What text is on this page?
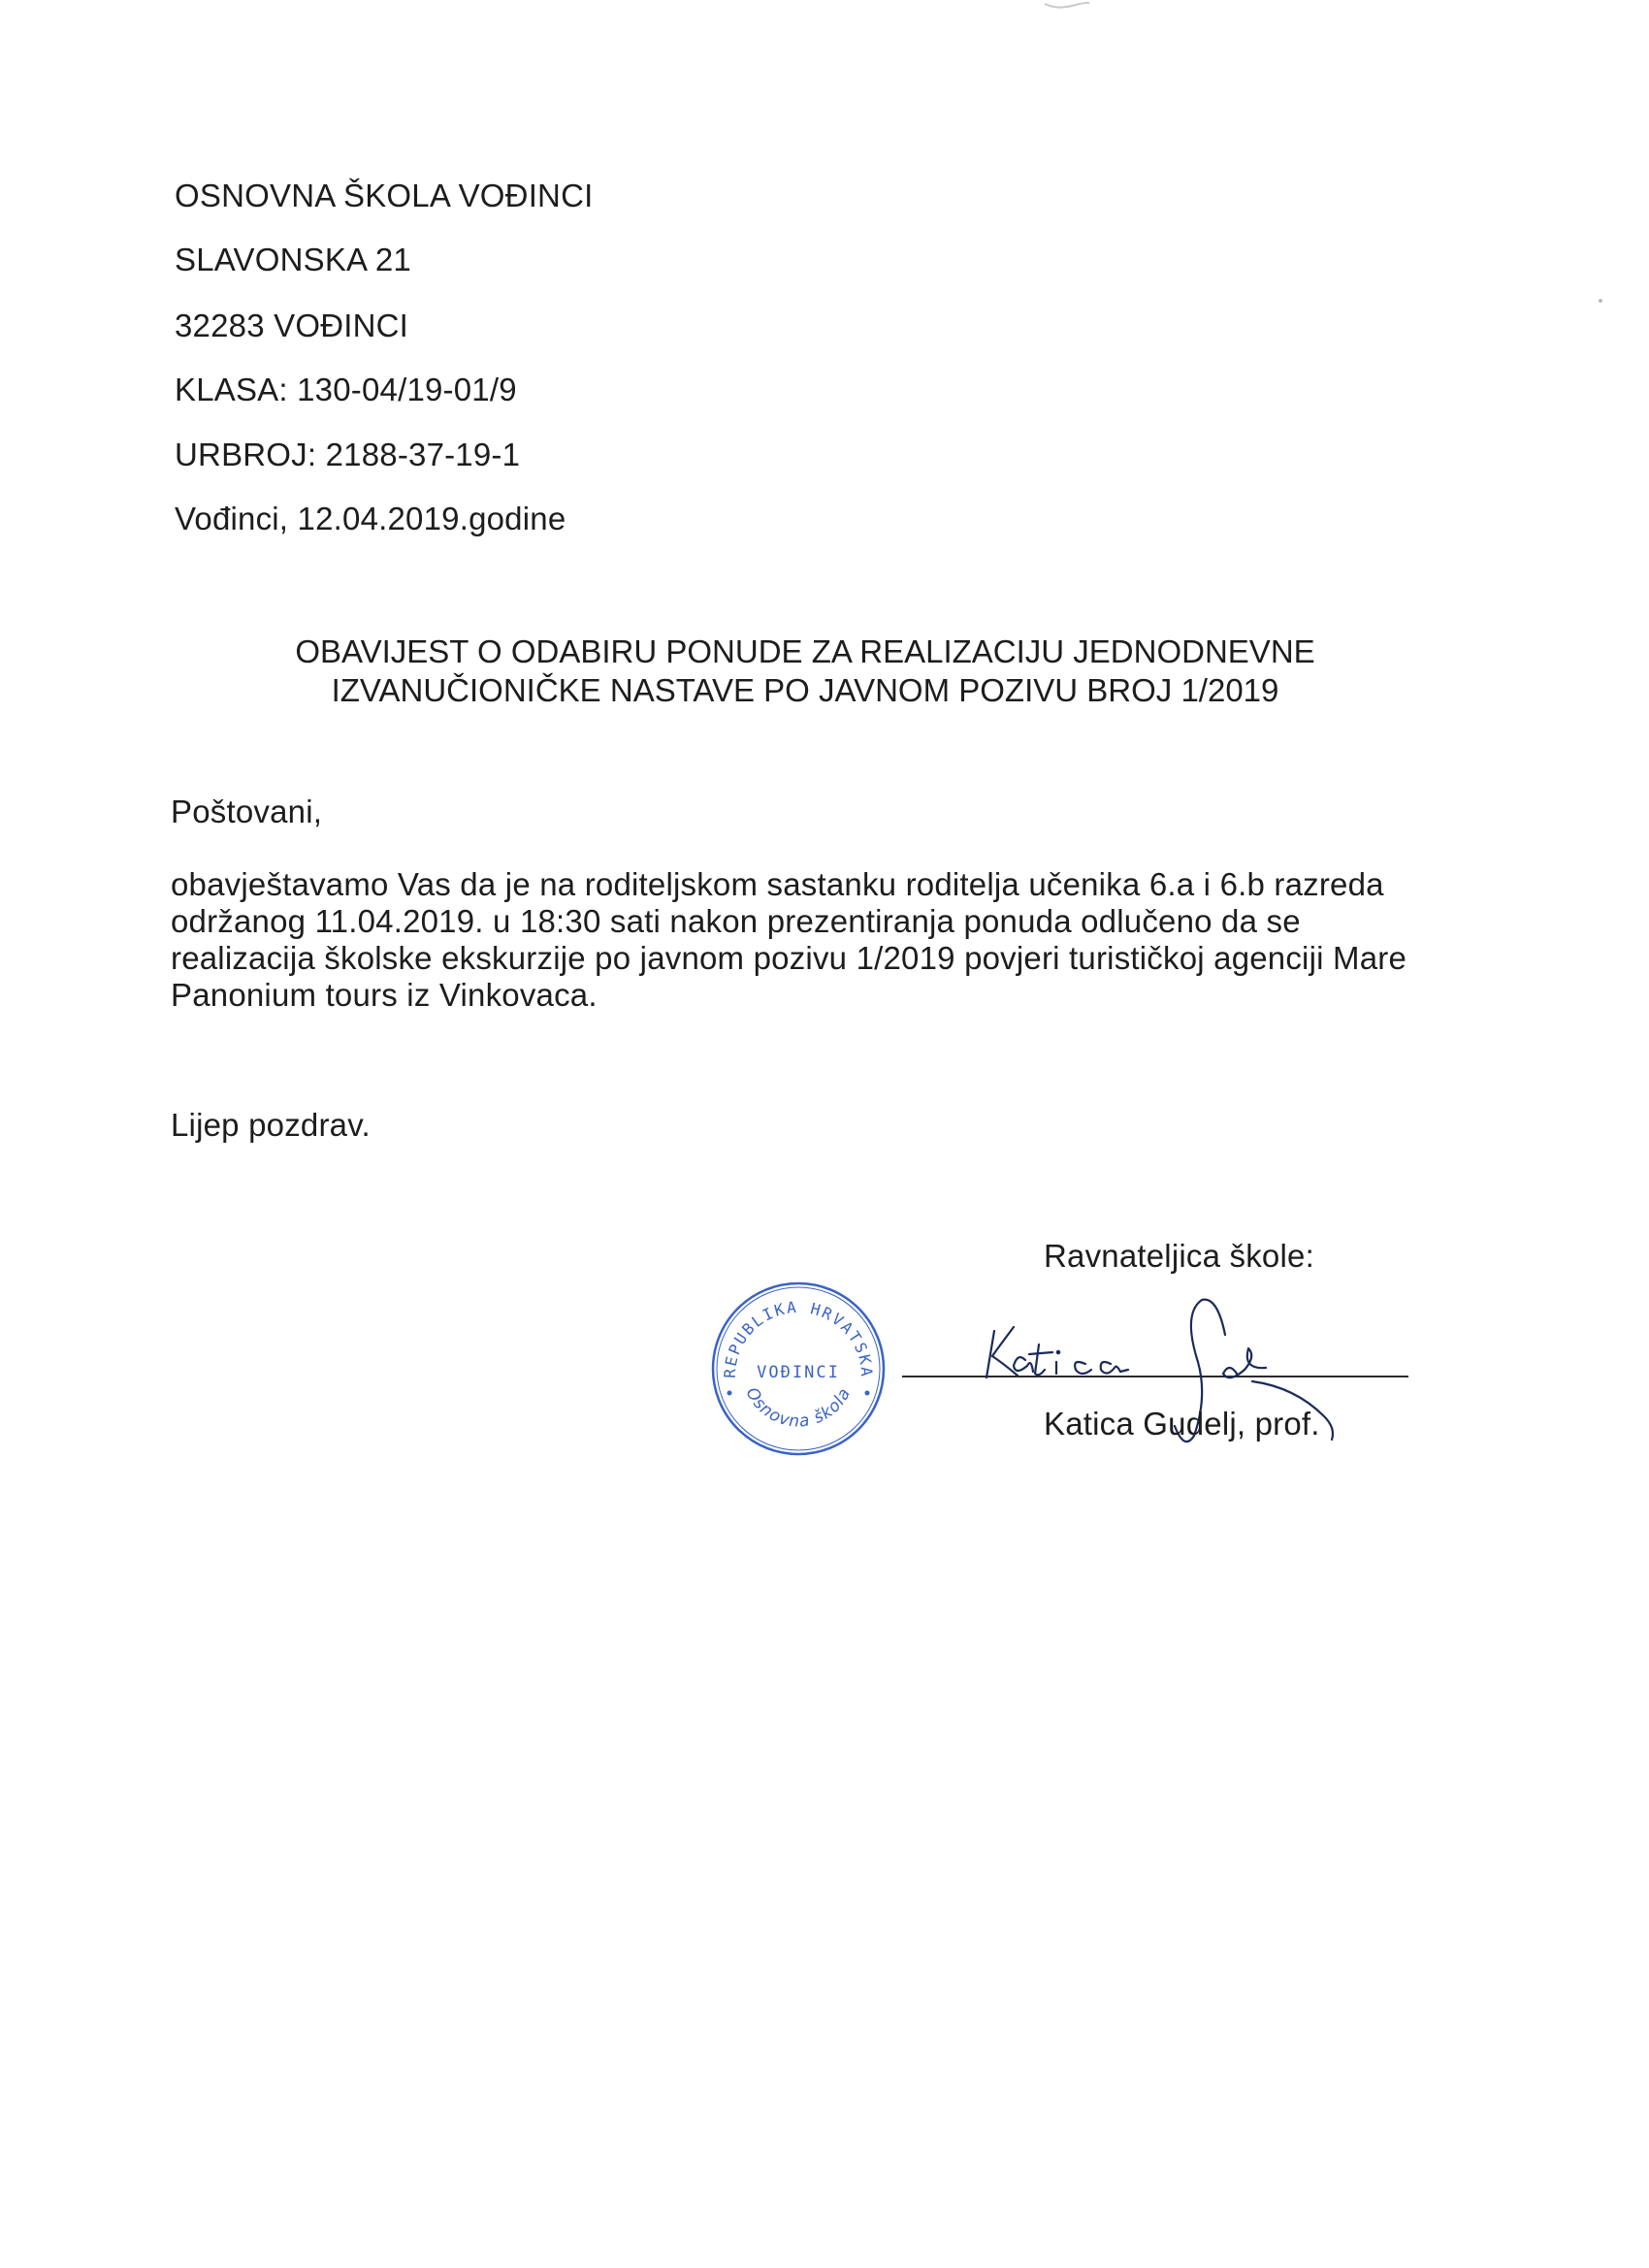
OSNOVNA ŠKOLA VOĐINCI
SLAVONSKA 21
32283 VOĐINCI
KLASA: 130-04/19-01/9
URBROJ: 2188-37-19-1
Vođinci, 12.04.2019.godine
OBAVIJEST O ODABIRU PONUDE ZA REALIZACIJU JEDNODNEVNE
IZVANUČIONIČKE NASTAVE PO JAVNOM POZIVU BROJ 1/2019
Poštovani,
obavještavamo Vas da je na roditeljskom sastanku roditelja učenika 6.a i 6.b razreda
održanog 11.04.2019. u 18:30 sati nakon prezentiranja ponuda odlučeno da se
realizacija školske ekskurzije po javnom pozivu 1/2019 povjeri turističkoj agenciji Mare
Panonium tours iz Vinkovaca.
Lijep pozdrav.
Ravnateljica škole:
REPUBLIKA HRVATSKA
VOĐINCI
Osnovna škola
Katica Gudelj, prof.
